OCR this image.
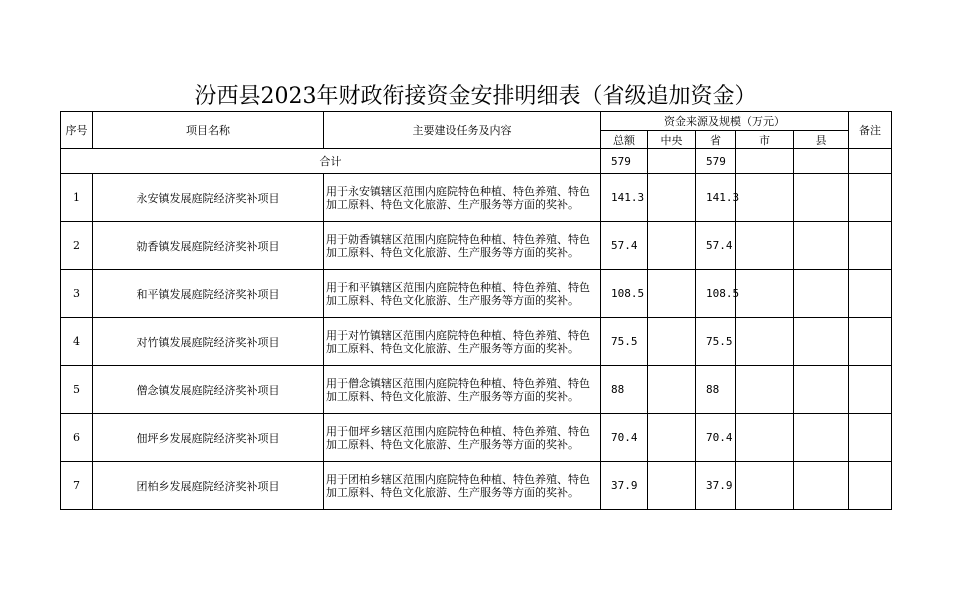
汾西县2023年财政衔接资金安排明细表（省级追加资金）
序号	项目名称	主要建设任务及内容	资金来源及规模（万元）					备注
			总额	中央	省	市	县	
合计			579		579			
1	永安镇发展庭院经济奖补项目	用于永安镇辖区范围内庭院特色种植、特色养殖、特色加工原料、特色文化旅游、生产服务等方面的奖补。	141.3		141.3			
2	勍香镇发展庭院经济奖补项目	用于勍香镇辖区范围内庭院特色种植、特色养殖、特色加工原料、特色文化旅游、生产服务等方面的奖补。	57.4		57.4			
3	和平镇发展庭院经济奖补项目	用于和平镇辖区范围内庭院特色种植、特色养殖、特色加工原料、特色文化旅游、生产服务等方面的奖补。	108.5		108.5			
4	对竹镇发展庭院经济奖补项目	用于对竹镇辖区范围内庭院特色种植、特色养殖、特色加工原料、特色文化旅游、生产服务等方面的奖补。	75.5		75.5			
5	僧念镇发展庭院经济奖补项目	用于僧念镇辖区范围内庭院特色种植、特色养殖、特色加工原料、特色文化旅游、生产服务等方面的奖补。	88		88			
6	佃坪乡发展庭院经济奖补项目	用于佃坪乡辖区范围内庭院特色种植、特色养殖、特色加工原料、特色文化旅游、生产服务等方面的奖补。	70.4		70.4			
7	团柏乡发展庭院经济奖补项目	用于团柏乡辖区范围内庭院特色种植、特色养殖、特色加工原料、特色文化旅游、生产服务等方面的奖补。	37.9		37.9			
